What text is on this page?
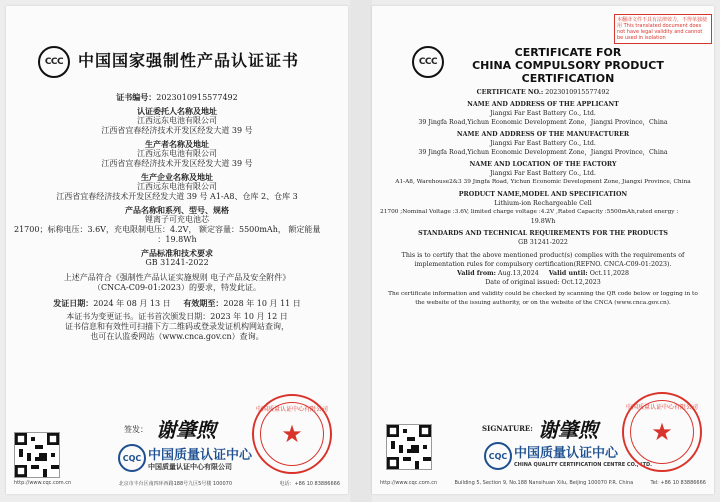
CCC 中国国家强制性产品认证证书
证书编号：2023010915577492
认证委托人名称及地址
江西远东电池有限公司
江西省宜春经济技术开发区经发大道 39 号
生产者名称及地址
江西远东电池有限公司
江西省宜春经济技术开发区经发大道 39 号
生产企业名称及地址
江西远东电池有限公司
江西省宜春经济技术开发区经发大道 39 号 A1-A8、仓库 2、仓库 3
产品名称和系列、型号、规格
锂离子可充电池芯
21700；标称电压：3.6V，充电限制电压：4.2V， 额定容量：5500mAh， 额定能量
：19.8Wh
产品标准和技术要求
GB 31241-2022
上述产品符合《强制性产品认证实施规则 电子产品及安全附件》
（CNCA-C09-01:2023）的要求，特发此证。
发证日期：2024 年 08 月 13 日 有效期至：2028 年 10 月 11 日
本证书为变更证书。证书首次颁发日期：2023 年 10 月 12 日
证书信息和有效性可扫描下方二维码或登录发证机构网站查询，
也可在认监委网站（www.cnca.gov.cn）查询。
签发： 谢肇煦
CQC 中国质量认证中心
中国质量认证中心有限公司
中国质量认证中心有限公司
★
http://www.cqc.com.cn	北京市丰台区南四环西路188号九区5号楼 100070	电话：+86 10 83886666
CCC
CERTIFICATE FOR
CHINA COMPULSORY PRODUCT CERTIFICATION
本翻译文件不具有法律效力，不得单独使用 This translated document does not have legal validity and cannot be used in isolation
CERTIFICATE NO.: 2023010915577492
NAME AND ADDRESS OF THE APPLICANT
Jiangxi Far East Battery Co., Ltd.
39 Jingfa Road,Yichun Economic Development Zone，Jiangxi Province，China
NAME AND ADDRESS OF THE MANUFACTURER
Jiangxi Far East Battery Co., Ltd.
39 Jingfa Road,Yichun Economic Development Zone，Jiangxi Province，China
NAME AND LOCATION OF THE FACTORY
Jiangxi Far East Battery Co., Ltd.
A1-A8, Warehouse2&3 39 Jingfa Road, Yichun Economic Development Zone, Jiangxi Province, China
PRODUCT NAME,MODEL AND SPECIFICATION
Lithium-ion Rechargeable Cell
21700 ;Nominal Voltage :3.6V, limited charge voltage :4.2V ,Rated Capacity :5500mAh,rated energy :
19.8Wh
STANDARDS AND TECHNICAL REQUIREMENTS FOR THE PRODUCTS
GB 31241-2022
This is to certify that the above mentioned product(s) complies with the requirements of
implementation rules for compulsory certification(REFNO. CNCA-C09-01:2023).
Valid from: Aug.13,2024 Valid until: Oct.11,2028
Date of original issued: Oct.12,2023
The certificate information and validity could be checked by scanning the QR code below or logging in to
the website of the issuing authority, or on the website of the CNCA (www.cnca.gov.cn).
SIGNATURE: 谢肇煦
CQC 中国质量认证中心
CHINA QUALITY CERTIFICATION CENTRE CO., LTD.
中国质量认证中心有限公司
★
http://www.cqc.com.cn	Building 5, Section 9, No.188 Nansihuan Xilu, Beijing 100070 P.R. China	Tel: +86 10 83886666
